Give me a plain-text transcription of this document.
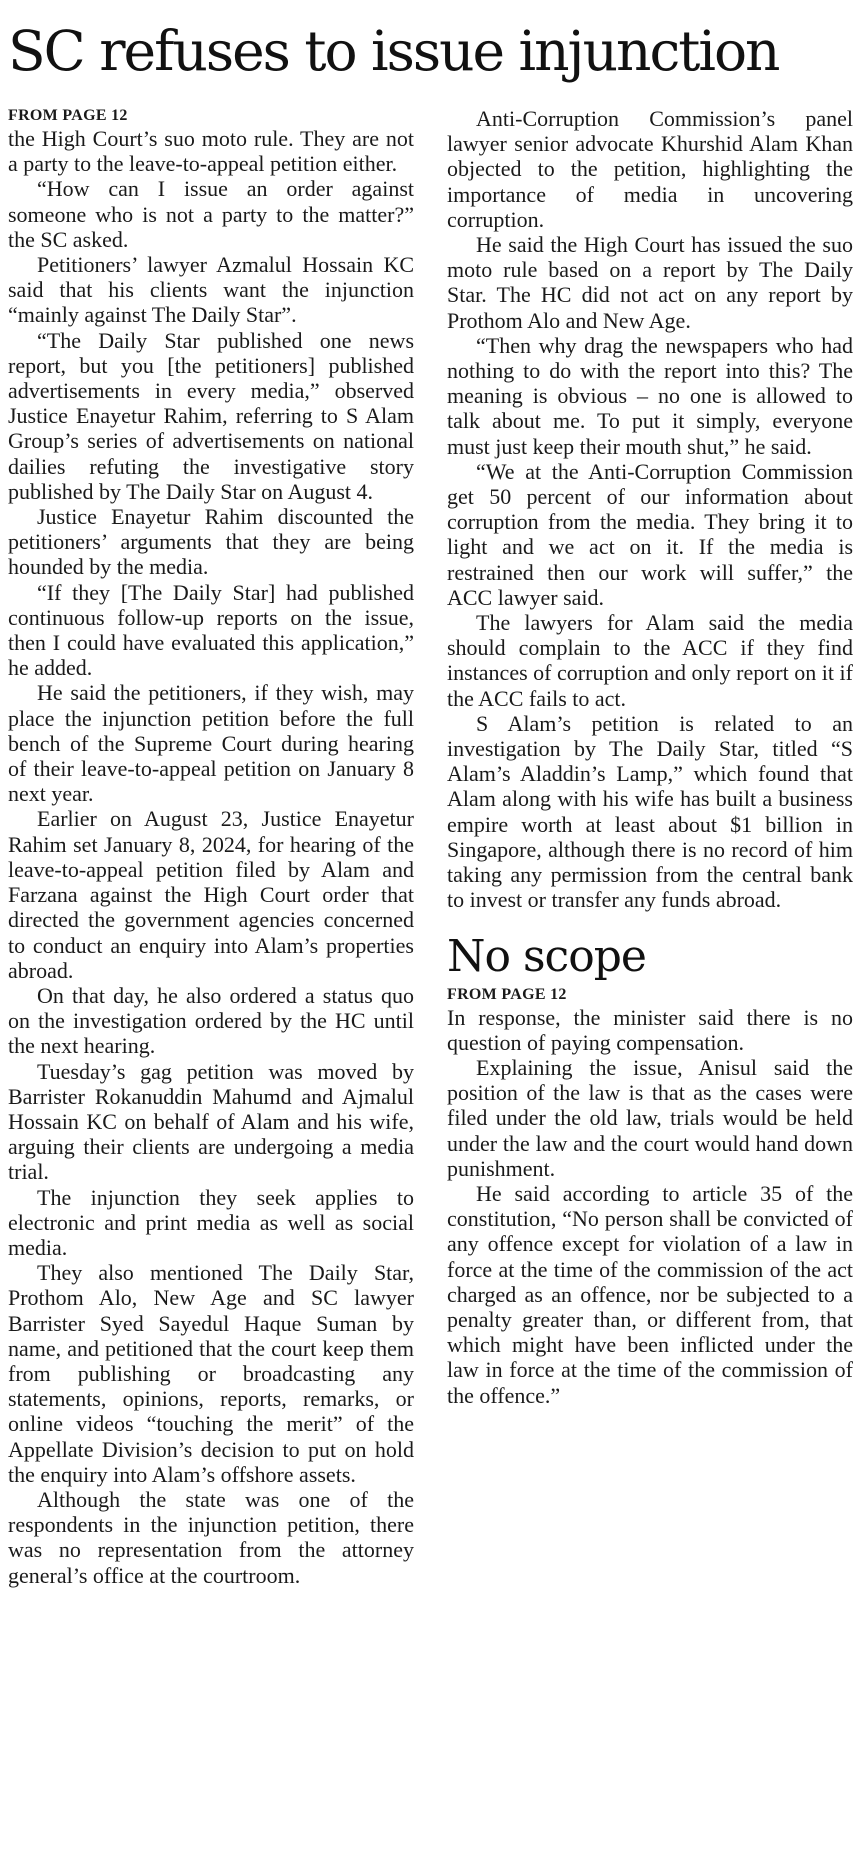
SC refuses to issue injunction
FROM PAGE 12

the High Court’s suo moto rule. They are not a party to the leave-to-appeal petition either.

“How can I issue an order against someone who is not a party to the matter?” the SC asked.

Petitioners’ lawyer Azmalul Hossain KC said that his clients want the injunction “mainly against The Daily Star”.

“The Daily Star published one news report, but you [the petitioners] published advertisements in every media,” observed Justice Enayetur Rahim, referring to S Alam Group’s series of advertisements on national dailies refuting the investigative story published by The Daily Star on August 4.

Justice Enayetur Rahim discounted the petitioners’ arguments that they are being hounded by the media.

“If they [The Daily Star] had published continuous follow-up reports on the issue, then I could have evaluated this application,” he added.

He said the petitioners, if they wish, may place the injunction petition before the full bench of the Supreme Court during hearing of their leave-to-appeal petition on January 8 next year.

Earlier on August 23, Justice Enayetur Rahim set January 8, 2024, for hearing of the leave-to-appeal petition filed by Alam and Farzana against the High Court order that directed the government agencies concerned to conduct an enquiry into Alam’s properties abroad.

On that day, he also ordered a status quo on the investigation ordered by the HC until the next hearing.

Tuesday’s gag petition was moved by Barrister Rokanuddin Mahumd and Ajmalul Hossain KC on behalf of Alam and his wife, arguing their clients are undergoing a media trial.

The injunction they seek applies to electronic and print media as well as social media.

They also mentioned The Daily Star, Prothom Alo, New Age and SC lawyer Barrister Syed Sayedul Haque Suman by name, and petitioned that the court keep them from publishing or broadcasting any statements, opinions, reports, remarks, or online videos “touching the merit” of the Appellate Division’s decision to put on hold the enquiry into Alam’s offshore assets.

Although the state was one of the respondents in the injunction petition, there was no representation from the attorney general’s office at the courtroom.

Anti-Corruption Commission’s panel lawyer senior advocate Khurshid Alam Khan objected to the petition, highlighting the importance of media in uncovering corruption.

He said the High Court has issued the suo moto rule based on a report by The Daily Star. The HC did not act on any report by Prothom Alo and New Age.

“Then why drag the newspapers who had nothing to do with the report into this? The meaning is obvious – no one is allowed to talk about me. To put it simply, everyone must just keep their mouth shut,” he said.

“We at the Anti-Corruption Commission get 50 percent of our information about corruption from the media. They bring it to light and we act on it. If the media is restrained then our work will suffer,” the ACC lawyer said.

The lawyers for Alam said the media should complain to the ACC if they find instances of corruption and only report on it if the ACC fails to act.

S Alam’s petition is related to an investigation by The Daily Star, titled “S Alam’s Aladdin’s Lamp,” which found that Alam along with his wife has built a business empire worth at least about $1 billion in Singapore, although there is no record of him taking any permission from the central bank to invest or transfer any funds abroad.

No scope
FROM PAGE 12

In response, the minister said there is no question of paying compensation.

Explaining the issue, Anisul said the position of the law is that as the cases were filed under the old law, trials would be held under the law and the court would hand down punishment.

He said according to article 35 of the constitution, “No person shall be convicted of any offence except for violation of a law in force at the time of the commission of the act charged as an offence, nor be subjected to a penalty greater than, or different from, that which might have been inflicted under the law in force at the time of the commission of the offence.”
